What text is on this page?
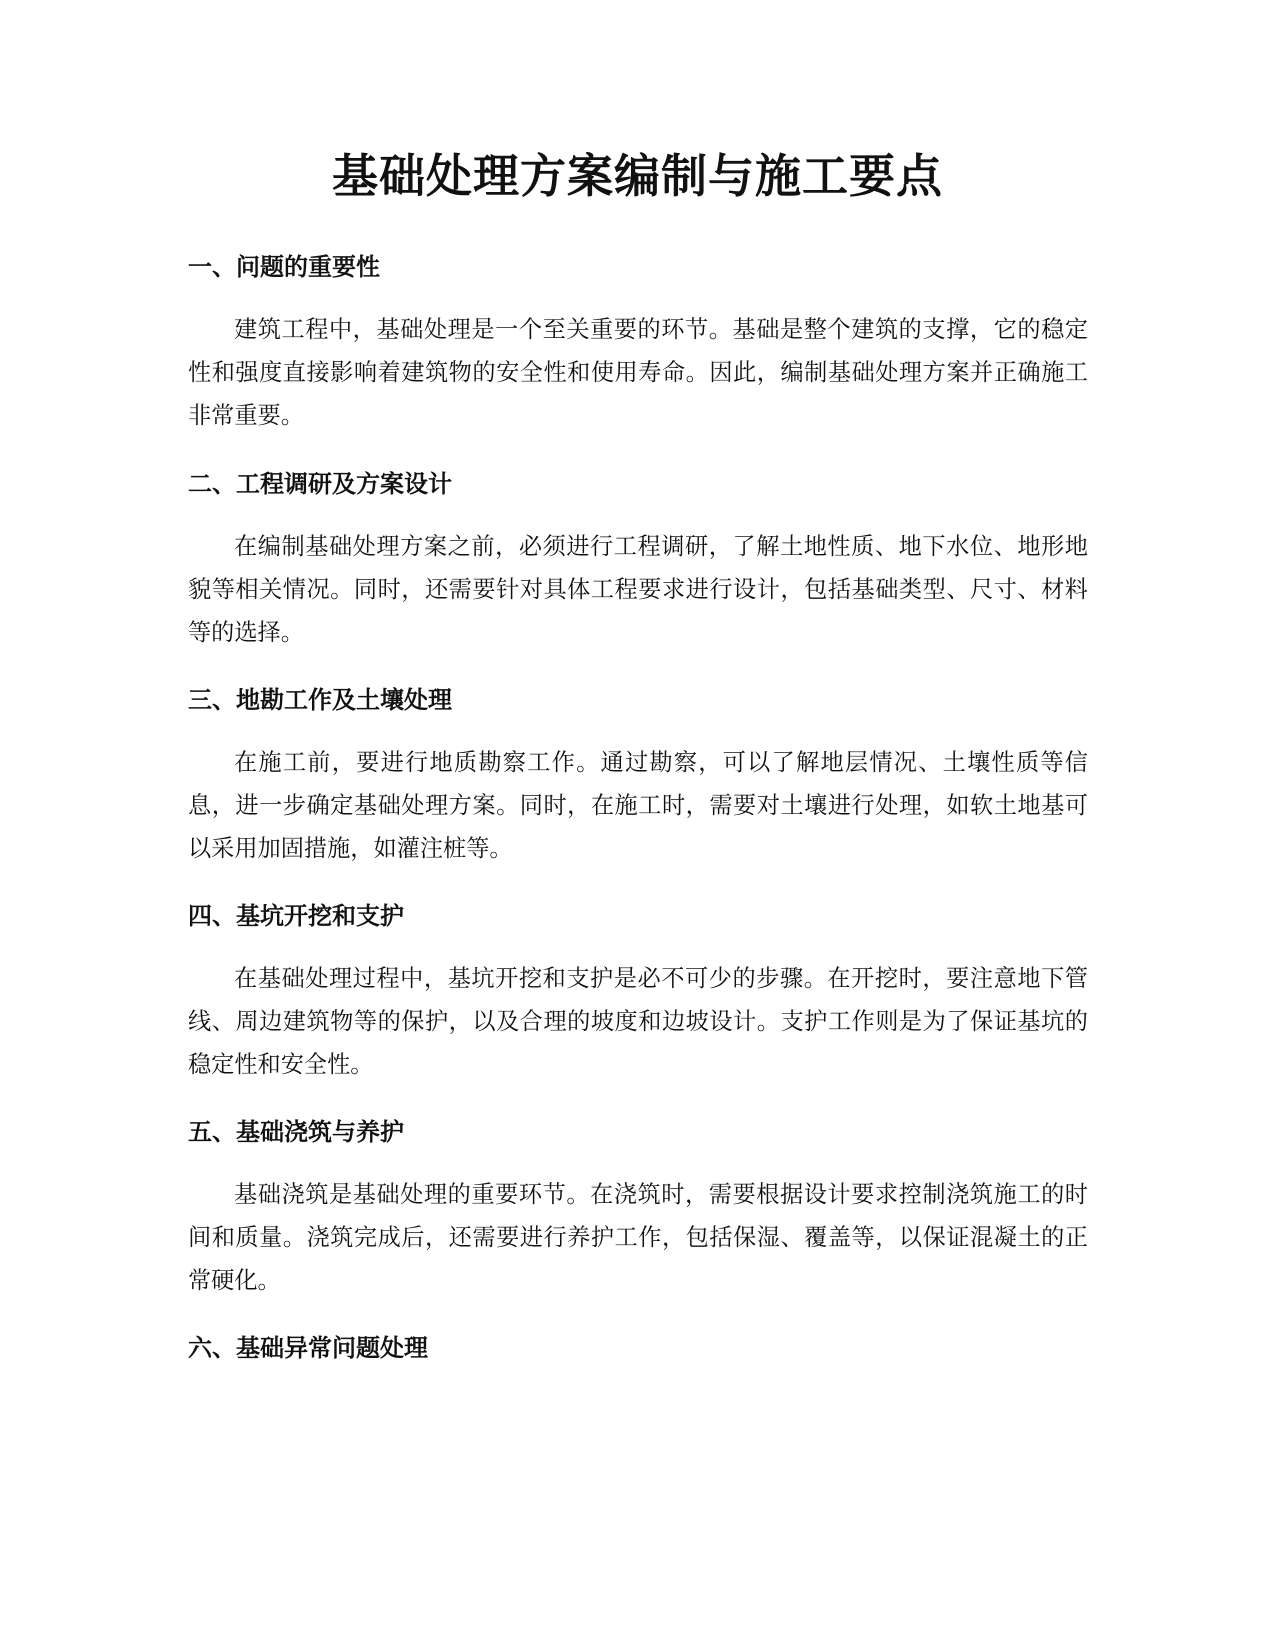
基础处理方案编制与施工要点
一、问题的重要性

建筑工程中，基础处理是一个至关重要的环节。基础是整个建筑的支撑，它的稳定性和强度直接影响着建筑物的安全性和使用寿命。因此，编制基础处理方案并正确施工非常重要。

二、工程调研及方案设计

在编制基础处理方案之前，必须进行工程调研，了解土地性质、地下水位、地形地貌等相关情况。同时，还需要针对具体工程要求进行设计，包括基础类型、尺寸、材料等的选择。

三、地勘工作及土壤处理

在施工前，要进行地质勘察工作。通过勘察，可以了解地层情况、土壤性质等信息，进一步确定基础处理方案。同时，在施工时，需要对土壤进行处理，如软土地基可以采用加固措施，如灌注桩等。

四、基坑开挖和支护

在基础处理过程中，基坑开挖和支护是必不可少的步骤。在开挖时，要注意地下管线、周边建筑物等的保护，以及合理的坡度和边坡设计。支护工作则是为了保证基坑的稳定性和安全性。

五、基础浇筑与养护

基础浇筑是基础处理的重要环节。在浇筑时，需要根据设计要求控制浇筑施工的时间和质量。浇筑完成后，还需要进行养护工作，包括保湿、覆盖等，以保证混凝土的正常硬化。

六、基础异常问题处理
